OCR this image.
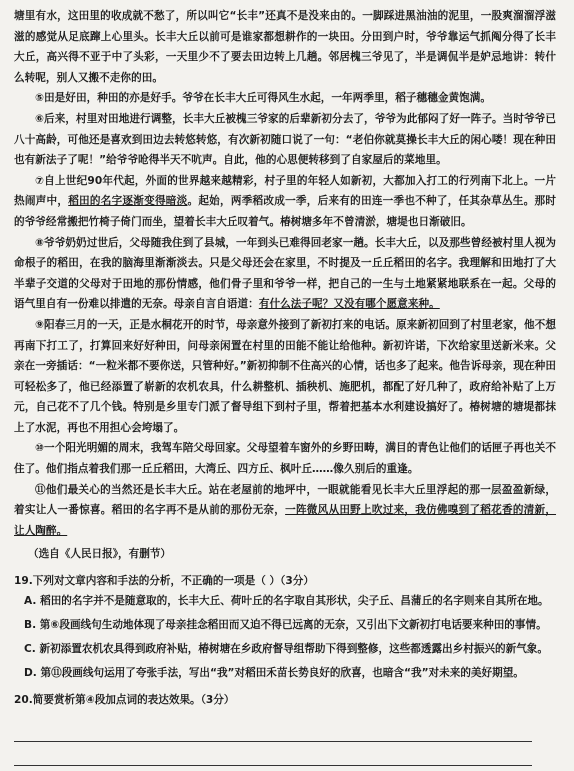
塘里有水，这田里的收成就不愁了，所以叫它“长丰”还真不是没来由的。一脚踩进黑油油的泥里，一股爽溜溜浮滋滋的感觉从足底蹿上心里头。长丰大丘以前可是谁家都想耕作的一块田。分田到户时，爷爷靠运气抓阄分得了长丰大丘，高兴得不亚于中了头彩，一天里少不了要去田边转上几趟。邻居槐三爷见了，半是调侃半是妒忌地讲：转什么转呢，别人又搬不走你的田。

⑤田是好田，种田的亦是好手。爷爷在长丰大丘可得风生水起，一年两季里，稻子穗穗金黄饱满。

⑥后来，村里对田地进行调整，长丰大丘被槐三爷家的后辈新初分去了，爷爷为此郁闷了好一阵子。当时爷爷已八十高龄，可他还是喜欢到田边去转悠转悠，有次新初随口说了一句：“老伯你就莫操长丰大丘的闲心喽！现在种田也有新法子了呢！”给爷爷呛得半天不吭声。自此，他的心思便转移到了自家屋后的菜地里。

⑦自上世纪90年代起，外面的世界越来越精彩，村子里的年轻人如新初，大都加入打工的行列南下北上。一片热闹声中，稻田的名字逐渐变得暗淡。起始，两季稻改成一季，后来有的田连一季也不种了，任其杂草丛生。那时的爷爷经常搬把竹椅子倚门而坐，望着长丰大丘叹着气。椿树塘多年不曾清淤，塘堤也日渐破旧。

⑧爷爷奶奶过世后，父母随我住到了县城，一年到头已难得回老家一趟。长丰大丘，以及那些曾经被村里人视为命根子的稻田，在我的脑海里渐渐淡去。只是父母还会在家里，不时提及一丘丘稻田的名字。我理解和田地打了大半辈子交道的父母对于田地的那份情感，他们骨子里和爷爷一样，把自己的一生与土地紧紧地联系在一起。父母的语气里自有一份难以排遣的无奈。母亲自言自语道：有什么法子呢？又没有哪个愿意来种。

⑨阳春三月的一天，正是水桐花开的时节，母亲意外接到了新初打来的电话。原来新初回到了村里老家，他不想再南下打工了，打算回来好好种田，问母亲闲置在村里的田能不能让给他种。新初许诺，下次给家里送新米来。父亲在一旁插话：“一粒米都不要你送，只管种好。”新初抑制不住高兴的心情，话也多了起来。他告诉母亲，现在种田可轻松多了，他已经添置了崭新的农机农具，什么耕整机、插秧机、施肥机，都配了好几种了，政府给补贴了上万元，自己花不了几个钱。特别是乡里专门派了督导组下到村子里，帮着把基本水利建设搞好了。椿树塘的塘堤都抹上了水泥，再也不用担心会垮塌了。

⑩一个阳光明媚的周末，我驾车陪父母回家。父母望着车窗外的乡野田畴，满目的青色让他们的话匣子再也关不住了。他们指点着我们那一丘丘稻田，大湾丘、四方丘、枫叶丘……像久别后的重逢。

⑪他们最关心的当然还是长丰大丘。站在老屋前的地坪中，一眼就能看见长丰大丘里浮起的那一层盈盈新绿，着实让人一番惊喜。稻田的名字再不是从前的那份无奈，一阵微风从田野上吹过来，我仿佛嗅到了稻花香的清新，让人陶醉。

（选自《人民日报》，有删节）

19.下列对文章内容和手法的分析，不正确的一项是（ ）（3分）

A. 稻田的名字并不是随意取的，长丰大丘、荷叶丘的名字取自其形状，尖子丘、昌蒲丘的名字则来自其所在地。

B. 第⑥段画线句生动地体现了母亲挂念稻田而又迫不得已远离的无奈，又引出下文新初打电话要来种田的事情。

C. 新初添置农机农具得到政府补贴，椿树塘在乡政府督导组帮助下得到整修，这些都透露出乡村振兴的新气象。

D. 第⑪段画线句运用了夸张手法，写出“我”对稻田禾苗长势良好的欣喜，也暗含“我”对未来的美好期望。

20.简要赏析第④段加点词的表达效果。（3分）
